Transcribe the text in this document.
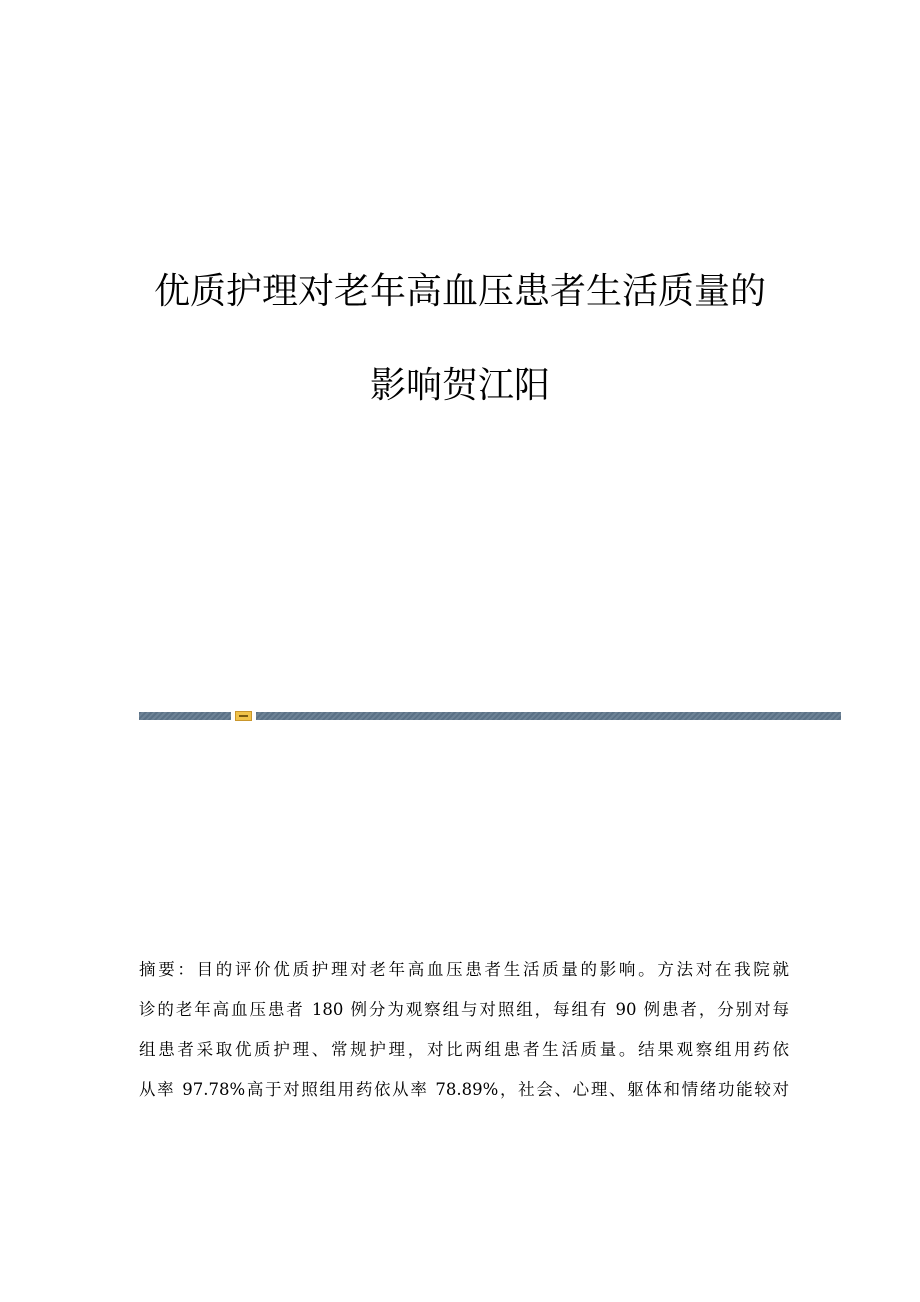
优质护理对老年高血压患者生活质量的
影响贺江阳
摘要：目的评价优质护理对老年高血压患者生活质量的影响。方法对在我院就
诊的老年高血压患者 180 例分为观察组与对照组，每组有 90 例患者，分别对每
组患者采取优质护理、常规护理，对比两组患者生活质量。结果观察组用药依
从率 97.78%高于对照组用药依从率 78.89%，社会、心理、躯体和情绪功能较对
